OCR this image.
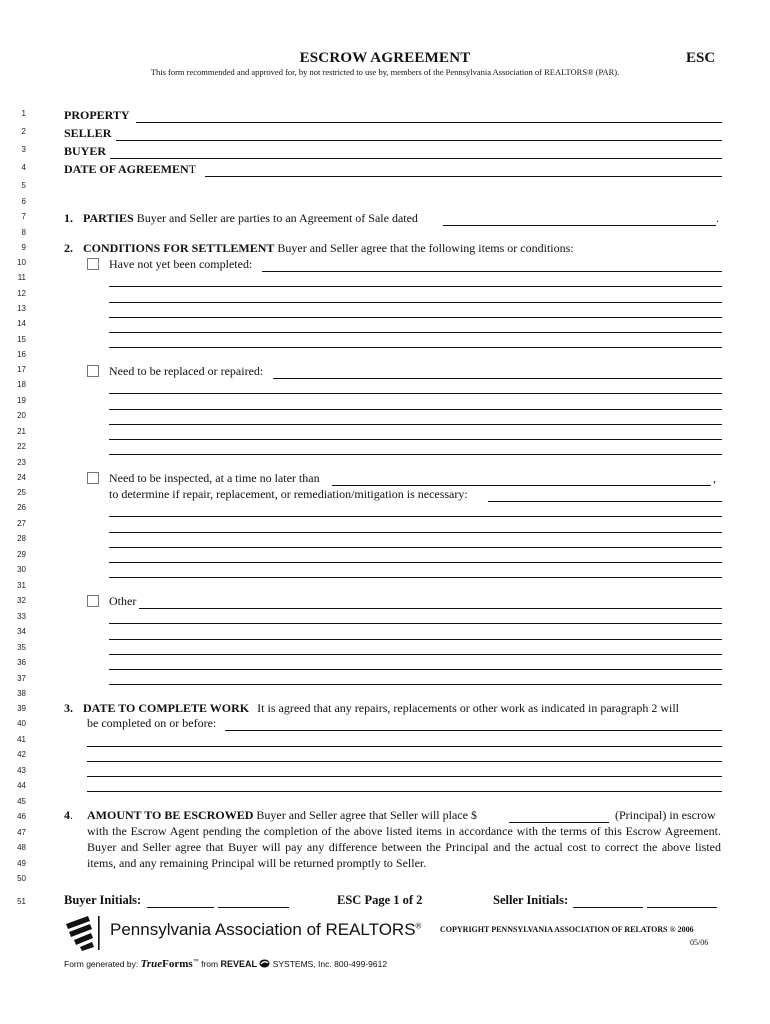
ESCROW AGREEMENT	ESC
This form recommended and approved for, by not restricted to use by, members of the Pennsylvania Association of REALTORS® (PAR).
1
2
3
4
5
6
7
8
9
10
11
12
13
14
15
16
17
18
19
20
21
22
23
24
25
26
27
28
29
30
31
32
33
34
35
36
37
38
39
40
41
42
43
44
45
46
47
48
49
50
51
PROPERTY
SELLER
BUYER
DATE OF AGREEMENT
1. PARTIES Buyer and Seller are parties to an Agreement of Sale dated	.
2. CONDITIONS FOR SETTLEMENT Buyer and Seller agree that the following items or conditions:
Have not yet been completed:
Need to be replaced or repaired:
Need to be inspected, at a time no later than	,
to determine if repair, replacement, or remediation/mitigation is necessary:
Other
3. DATE TO COMPLETE WORK It is agreed that any repairs, replacements or other work as indicated in paragraph 2 will
be completed on or before:
4. AMOUNT TO BE ESCROWED Buyer and Seller agree that Seller will place $	(Principal) in escrow
with the Escrow Agent pending the completion of the above listed items in accordance with the terms of this Escrow Agreement. Buyer and Seller agree that Buyer will pay any difference between the Principal and the actual cost to correct the above listed items, and any remaining Principal will be returned promptly to Seller.
Buyer Initials:	ESC Page 1 of 2	Seller Initials:
Pennsylvania Association of REALTORS® COPYRIGHT PENNSYLVANIA ASSOCIATION OF RELATORS ® 2006
05/06
Form generated by: TrueForms™ from REVEAL SYSTEMS, Inc. 800-499-9612
